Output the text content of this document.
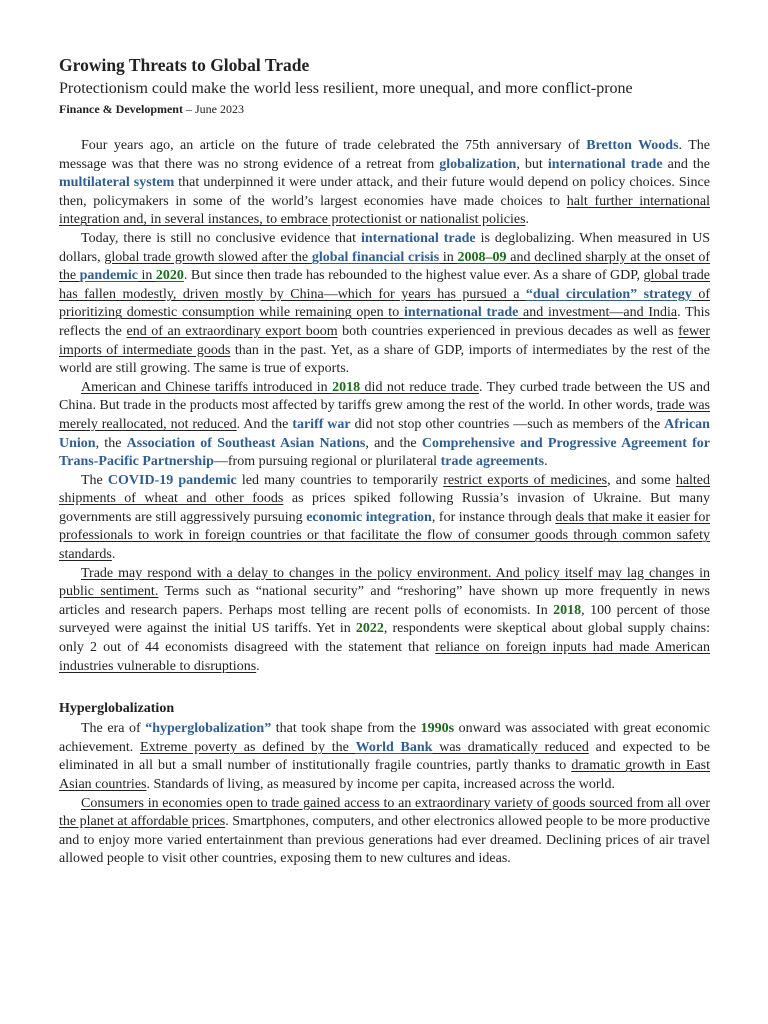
Growing Threats to Global Trade

Protectionism could make the world less resilient, more unequal, and more conflict-prone

Finance & Development – June 2023

Four years ago, an article on the future of trade celebrated the 75th anniversary of Bretton Woods. The message was that there was no strong evidence of a retreat from globalization, but international trade and the multilateral system that underpinned it were under attack, and their future would depend on policy choices. Since then, policymakers in some of the world’s largest economies have made choices to halt further international integration and, in several instances, to embrace protectionist or nationalist policies.

Today, there is still no conclusive evidence that international trade is deglobalizing. When measured in US dollars, global trade growth slowed after the global financial crisis in 2008–09 and declined sharply at the onset of the pandemic in 2020. But since then trade has rebounded to the highest value ever. As a share of GDP, global trade has fallen modestly, driven mostly by China—which for years has pursued a “dual circulation” strategy of prioritizing domestic consumption while remaining open to international trade and investment—and India. This reflects the end of an extraordinary export boom both countries experienced in previous decades as well as fewer imports of intermediate goods than in the past. Yet, as a share of GDP, imports of intermediates by the rest of the world are still growing. The same is true of exports.

American and Chinese tariffs introduced in 2018 did not reduce trade. They curbed trade between the US and China. But trade in the products most affected by tariffs grew among the rest of the world. In other words, trade was merely reallocated, not reduced. And the tariff war did not stop other countries —such as members of the African Union, the Association of Southeast Asian Nations, and the Comprehensive and Progressive Agreement for Trans-Pacific Partnership—from pursuing regional or plurilateral trade agreements.

The COVID-19 pandemic led many countries to temporarily restrict exports of medicines, and some halted shipments of wheat and other foods as prices spiked following Russia’s invasion of Ukraine. But many governments are still aggressively pursuing economic integration, for instance through deals that make it easier for professionals to work in foreign countries or that facilitate the flow of consumer goods through common safety standards.

Trade may respond with a delay to changes in the policy environment. And policy itself may lag changes in public sentiment. Terms such as “national security” and “reshoring” have shown up more frequently in news articles and research papers. Perhaps most telling are recent polls of economists. In 2018, 100 percent of those surveyed were against the initial US tariffs. Yet in 2022, respondents were skeptical about global supply chains: only 2 out of 44 economists disagreed with the statement that reliance on foreign inputs had made American industries vulnerable to disruptions.

Hyperglobalization

The era of “hyperglobalization” that took shape from the 1990s onward was associated with great economic achievement. Extreme poverty as defined by the World Bank was dramatically reduced and expected to be eliminated in all but a small number of institutionally fragile countries, partly thanks to dramatic growth in East Asian countries. Standards of living, as measured by income per capita, increased across the world.

Consumers in economies open to trade gained access to an extraordinary variety of goods sourced from all over the planet at affordable prices. Smartphones, computers, and other electronics allowed people to be more productive and to enjoy more varied entertainment than previous generations had ever dreamed. Declining prices of air travel allowed people to visit other countries, exposing them to new cultures and ideas.
